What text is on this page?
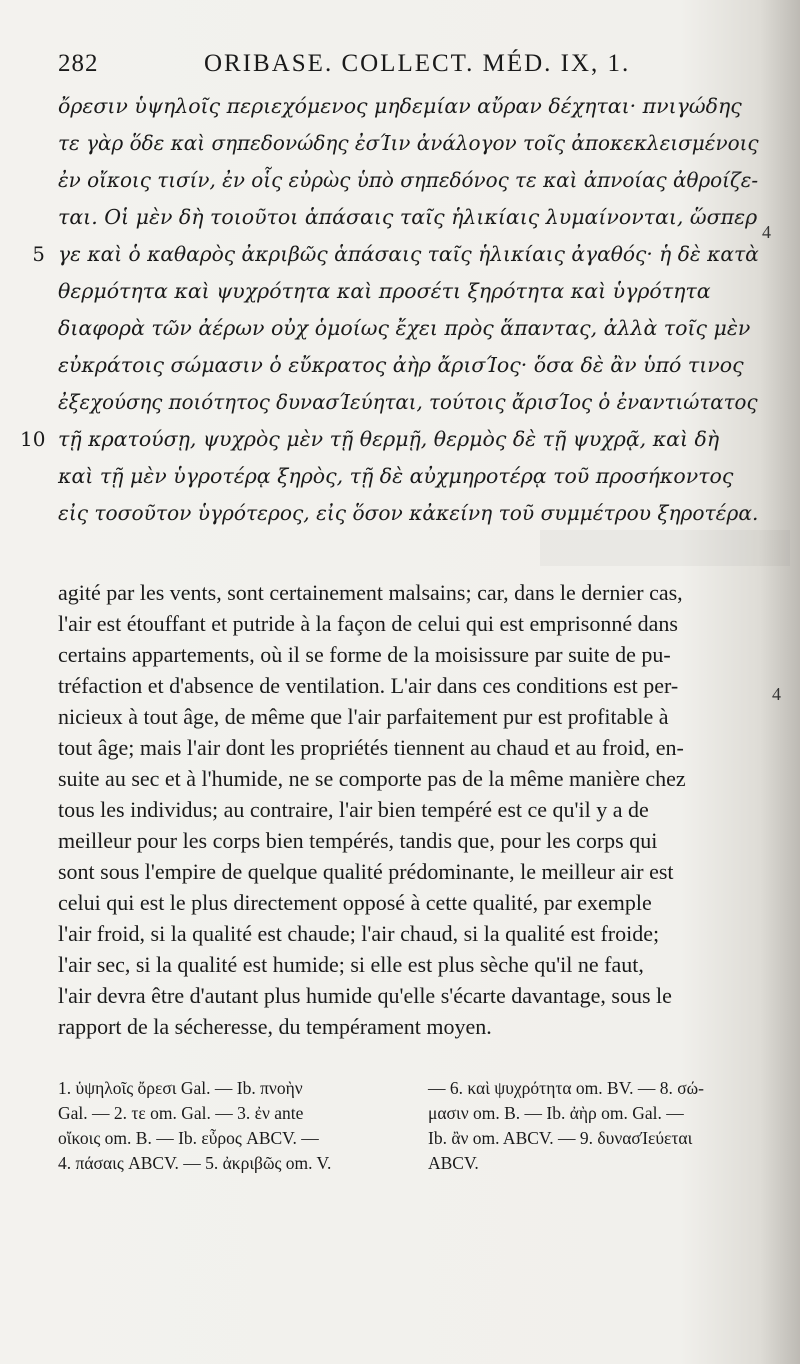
282	ORIBASE. COLLECT. MÉD. IX, 1.
ὄρεσιν ὑψηλοῖς περιεχόμενος μηδεμίαν αὔραν δέχηται· πνιγώδης
τε γὰρ ὅδε καὶ σηπεδονώδης ἐσΊιν ἀνάλογον τοῖς ἀποκεκλεισμένοις
ἐν οἴκοις τισίν, ἐν οἷς εὐρὼς ὑπὸ σηπεδόνος τε καὶ ἀπνοίας ἀθροίζε-
ται. Οἱ μὲν δὴ τοιοῦτοι ἁπάσαις ταῖς ἡλικίαις λυμαίνονται, ὥσπερ
5 γε καὶ ὁ καθαρὸς ἀκριβῶς ἁπάσαις ταῖς ἡλικίαις ἀγαθός· ἡ δὲ κατὰ
θερμότητα καὶ ψυχρότητα καὶ προσέτι ξηρότητα καὶ ὑγρότητα
διαφορὰ τῶν ἀέρων οὐχ ὁμοίως ἔχει πρὸς ἅπαντας, ἀλλὰ τοῖς μὲν
εὐκράτοις σώμασιν ὁ εὔκρατος ἀὴρ ἄρισΊος· ὅσα δὲ ἂν ὑπό τινος
ἐξεχούσης ποιότητος δυνασΊεύηται, τούτοις ἄρισΊος ὁ ἐναντιώτατος
10 τῇ κρατούσῃ, ψυχρὸς μὲν τῇ θερμῇ, θερμὸς δὲ τῇ ψυχρᾷ, καὶ δὴ
καὶ τῇ μὲν ὑγροτέρᾳ ξηρὸς, τῇ δὲ αὐχμηροτέρᾳ τοῦ προσήκοντος
εἰς τοσοῦτον ὑγρότερος, εἰς ὅσον κἀκείνη τοῦ συμμέτρου ξηροτέρα.
4
agité par les vents, sont certainement malsains; car, dans le dernier cas,
l'air est étouffant et putride à la façon de celui qui est emprisonné dans
certains appartements, où il se forme de la moisissure par suite de pu-
tréfaction et d'absence de ventilation. L'air dans ces conditions est per-
nicieux à tout âge, de même que l'air parfaitement pur est profitable à
tout âge; mais l'air dont les propriétés tiennent au chaud et au froid, en-
suite au sec et à l'humide, ne se comporte pas de la même manière chez
tous les individus; au contraire, l'air bien tempéré est ce qu'il y a de
meilleur pour les corps bien tempérés, tandis que, pour les corps qui
sont sous l'empire de quelque qualité prédominante, le meilleur air est
celui qui est le plus directement opposé à cette qualité, par exemple
l'air froid, si la qualité est chaude; l'air chaud, si la qualité est froide;
l'air sec, si la qualité est humide; si elle est plus sèche qu'il ne faut,
l'air devra être d'autant plus humide qu'elle s'écarte davantage, sous le
rapport de la sécheresse, du tempérament moyen.
4
1. ὑψηλοῖς ὄρεσι Gal. — Ib. πνοὴν
Gal. — 2. τε om. Gal. — 3. ἐν ante
οἴκοις om. B. — Ib. εὖρος ABCV. —
4. πάσαις ABCV. — 5. ἀκριβῶς om. V.
— 6. καὶ ψυχρότητα om. BV. — 8. σώ-
μασιν om. B. — Ib. ἀὴρ om. Gal. —
Ib. ἂν om. ABCV. — 9. δυνασΊεύεται
ABCV.
